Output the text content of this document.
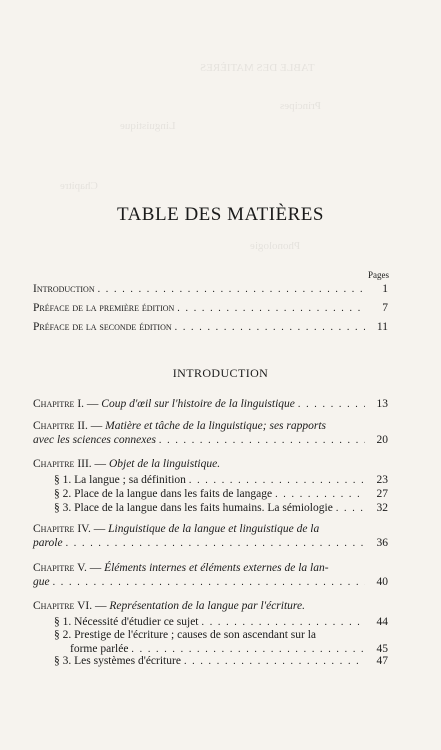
TABLE DES MATIÈRES
Phonologie
Linguistique
Chapitre
Principes
TABLE DES MATIÈRES
Pages
Introduction . . .	1
Préface de la première édition . . .	7
Préface de la seconde édition . . .	11
INTRODUCTION
Chapitre I. — Coup d'œil sur l'histoire de la linguistique . . .	13
Chapitre II. — Matière et tâche de la linguistique; ses rapports
avec les sciences connexes . . .	20
Chapitre III. — Objet de la linguistique.
§ 1. La langue ; sa définition . . .	23
§ 2. Place de la langue dans les faits de langage . . .	27
§ 3. Place de la langue dans les faits humains. La sémiologie . . .	32
Chapitre IV. — Linguistique de la langue et linguistique de la
parole . . .	36
Chapitre V. — Éléments internes et éléments externes de la lan-
gue . . .	40
Chapitre VI. — Représentation de la langue par l'écriture.
§ 1. Nécessité d'étudier ce sujet . . .	44
§ 2. Prestige de l'écriture ; causes de son ascendant sur la
forme parlée . . .	45
§ 3. Les systèmes d'écriture . . .	47
